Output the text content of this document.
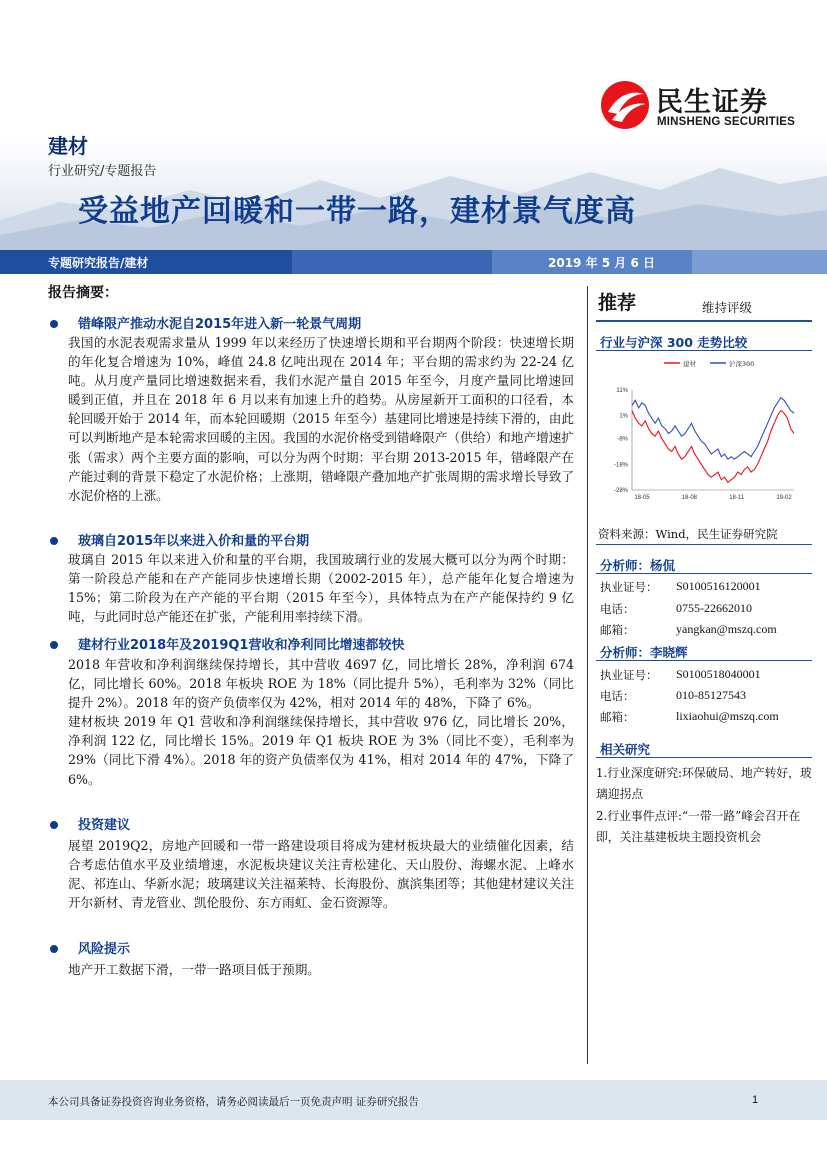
民生证券
MINSHENG SECURITIES
建材
行业研究/专题报告
受益地产回暖和一带一路，建材景气度高
专题研究报告/建材	2019 年 5 月 6 日
报告摘要：
错峰限产推动水泥自2015年进入新一轮景气周期
我国的水泥表观需求量从 1999 年以来经历了快速增长期和平台期两个阶段：快速增长期的年化复合增速为 10%，峰值 24.8 亿吨出现在 2014 年；平台期的需求约为 22-24 亿吨。从月度产量同比增速数据来看，我们水泥产量自 2015 年至今，月度产量同比增速回暖到正值，并且在 2018 年 6 月以来有加速上升的趋势。从房屋新开工面积的口径看，本轮回暖开始于 2014 年，而本轮回暖期（2015 年至今）基建同比增速是持续下滑的，由此可以判断地产是本轮需求回暖的主因。我国的水泥价格受到错峰限产（供给）和地产增速扩张（需求）两个主要方面的影响，可以分为两个时期：平台期 2013-2015 年，错峰限产在产能过剩的背景下稳定了水泥价格；上涨期，错峰限产叠加地产扩张周期的需求增长导致了水泥价格的上涨。
玻璃自2015年以来进入价和量的平台期
玻璃自 2015 年以来进入价和量的平台期，我国玻璃行业的发展大概可以分为两个时期：第一阶段总产能和在产产能同步快速增长期（2002-2015 年），总产能年化复合增速为 15%；第二阶段为在产产能的平台期（2015 年至今），具体特点为在产产能保持约 9 亿吨，与此同时总产能还在扩张，产能利用率持续下滑。
建材行业2018年及2019Q1营收和净利同比增速都较快
2018 年营收和净利润继续保持增长，其中营收 4697 亿，同比增长 28%，净利润 674 亿，同比增长 60%。2018 年板块 ROE 为 18%（同比提升 5%），毛利率为 32%（同比提升 2%）。2018 年的资产负债率仅为 42%，相对 2014 年的 48%，下降了 6%。
建材板块 2019 年 Q1 营收和净利润继续保持增长，其中营收 976 亿，同比增长 20%，净利润 122 亿，同比增长 15%。2019 年 Q1 板块 ROE 为 3%（同比不变），毛利率为 29%（同比下滑 4%）。2018 年的资产负债率仅为 41%，相对 2014 年的 47%，下降了 6%。
投资建议
展望 2019Q2，房地产回暖和一带一路建设项目将成为建材板块最大的业绩催化因素，结合考虑估值水平及业绩增速，水泥板块建议关注青松建化、天山股份、海螺水泥、上峰水泥、祁连山、华新水泥；玻璃建议关注福莱特、长海股份、旗滨集团等；其他建材建议关注开尔新材、青龙管业、凯伦股份、东方雨虹、金石资源等。
风险提示
地产开工数据下滑，一带一路项目低于预期。
推荐	维持评级
行业与沪深 300 走势比较
建材	沪深300
11%
1%
-8%
-18%
-28%
18-05	18-08	18-11	19-02
资料来源：Wind，民生证券研究院
分析师：杨侃
执业证号： S0100516120001
电话：	0755-22662010
邮箱：	yangkan@mszq.com
分析师：李晓辉
执业证号： S0100518040001
电话：	010-85127543
邮箱：	lixiaohui@mszq.com
相关研究
1.行业深度研究:环保破局、地产转好，玻璃迎拐点
2.行业事件点评:“一带一路”峰会召开在即，关注基建板块主题投资机会
本公司具备证券投资咨询业务资格，请务必阅读最后一页免责声明 证券研究报告	1
